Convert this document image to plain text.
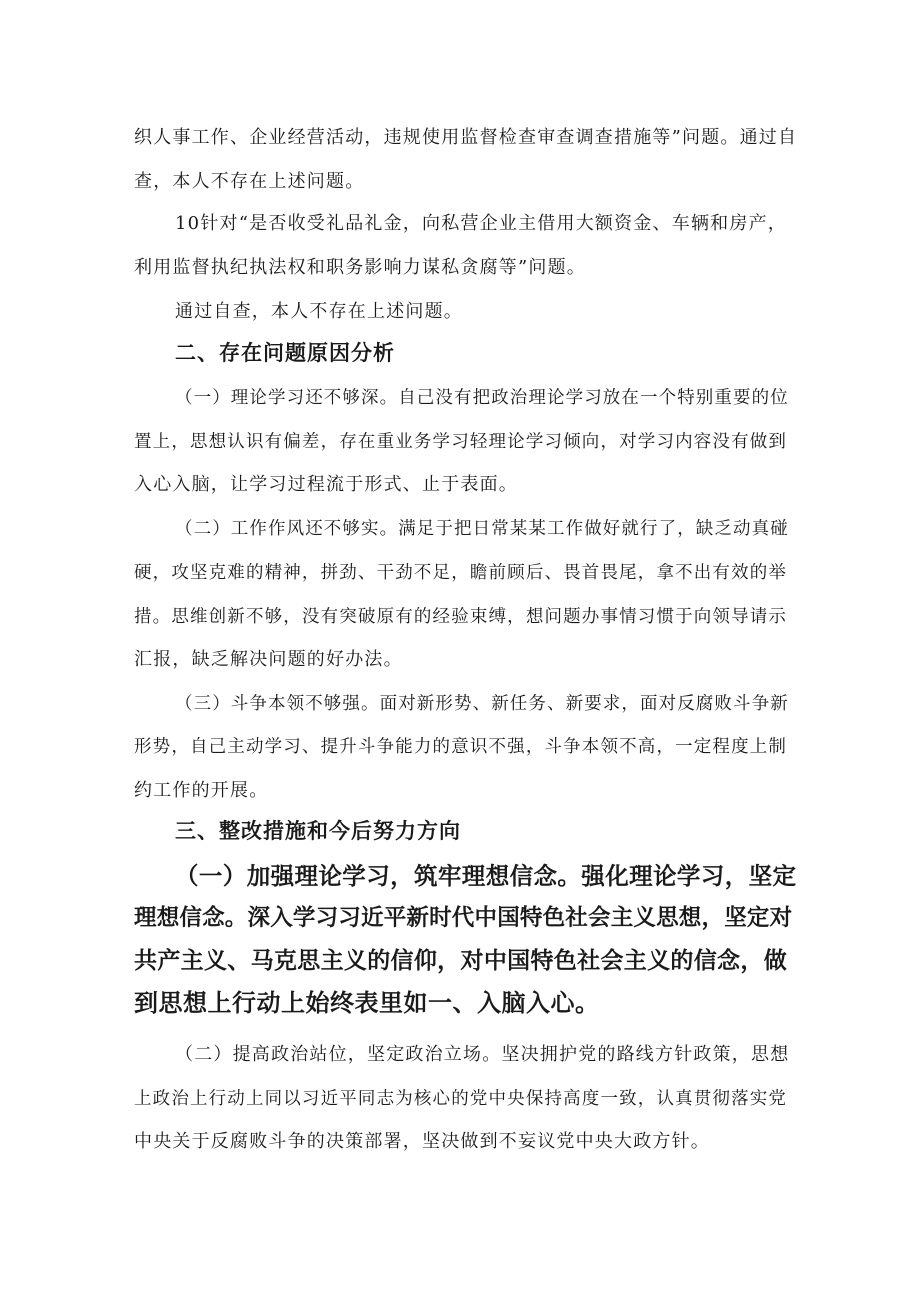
织人事工作、企业经营活动，违规使用监督检查审查调查措施等”问题。通过自
查，本人不存在上述问题。
10针对“是否收受礼品礼金，向私营企业主借用大额资金、车辆和房产，
利用监督执纪执法权和职务影响力谋私贪腐等”问题。
通过自查，本人不存在上述问题。
二、存在问题原因分析
（一）理论学习还不够深。自己没有把政治理论学习放在一个特别重要的位
置上，思想认识有偏差，存在重业务学习轻理论学习倾向，对学习内容没有做到
入心入脑，让学习过程流于形式、止于表面。
（二）工作作风还不够实。满足于把日常某某工作做好就行了，缺乏动真碰
硬，攻坚克难的精神，拼劲、干劲不足，瞻前顾后、畏首畏尾，拿不出有效的举
措。思维创新不够，没有突破原有的经验束缚，想问题办事情习惯于向领导请示
汇报，缺乏解决问题的好办法。
（三）斗争本领不够强。面对新形势、新任务、新要求，面对反腐败斗争新
形势，自己主动学习、提升斗争能力的意识不强，斗争本领不高，一定程度上制
约工作的开展。
三、整改措施和今后努力方向
（一）加强理论学习，筑牢理想信念。强化理论学习，坚定
理想信念。深入学习习近平新时代中国特色社会主义思想，坚定对
共产主义、马克思主义的信仰，对中国特色社会主义的信念，做
到思想上行动上始终表里如一、入脑入心。
（二）提高政治站位，坚定政治立场。坚决拥护党的路线方针政策，思想
上政治上行动上同以习近平同志为核心的党中央保持高度一致，认真贯彻落实党
中央关于反腐败斗争的决策部署，坚决做到不妄议党中央大政方针。
